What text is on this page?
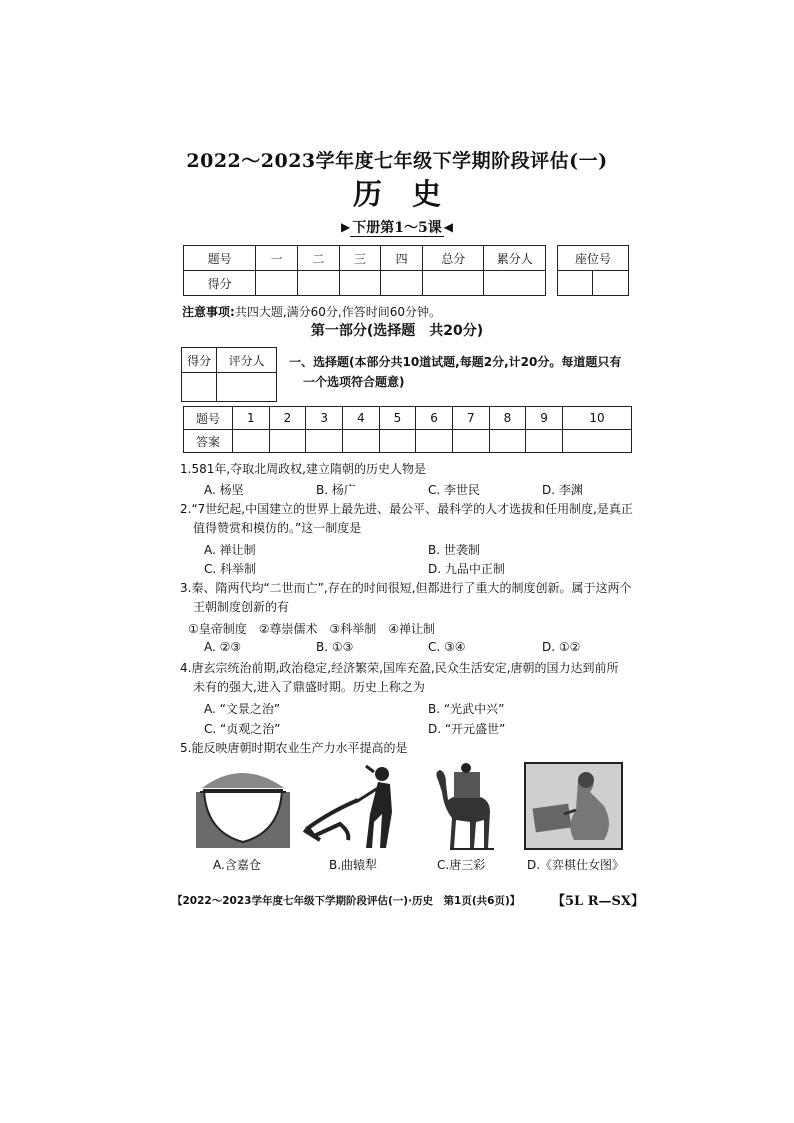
2022～2023学年度七年级下学期阶段评估(一)
历史
▶ 下册第1～5课 ◀
题号	一	二	三	四	总分	累分人
得分						
座位号

注意事项:共四大题,满分60分,作答时间60分钟。
第一部分(选择题　共20分)
得分	评分人
	一、选择题(本部分共10道试题,每题2分,计20分。每道题只有
一个选项符合题意)
题号	1	2	3	4	5	6	7	8	9	10
答案										
1.581年,夺取北周政权,建立隋朝的历史人物是
A. 杨坚	B. 杨广	C. 李世民	D. 李渊
2.“7世纪起,中国建立的世界上最先进、最公平、最科学的人才选拔和任用制度,是真正
值得赞赏和模仿的。”这一制度是
A. 禅让制	B. 世袭制
C. 科举制	D. 九品中正制
3.秦、隋两代均“二世而亡”,存在的时间很短,但都进行了重大的制度创新。属于这两个
王朝制度创新的有
①皇帝制度　②尊崇儒术　③科举制　④禅让制
A. ②③	B. ①③	C. ③④	D. ①②
4.唐玄宗统治前期,政治稳定,经济繁荣,国库充盈,民众生活安定,唐朝的国力达到前所
未有的强大,进入了鼎盛时期。历史上称之为
A. “文景之治”	B. “光武中兴”
C. “贞观之治”	D. “开元盛世”
5.能反映唐朝时期农业生产力水平提高的是
A.含嘉仓	B.曲辕犁	C.唐三彩	D.《弈棋仕女图》
【2022～2023学年度七年级下学期阶段评估(一)·历史　第1页(共6页)】 【5L R—SX】
